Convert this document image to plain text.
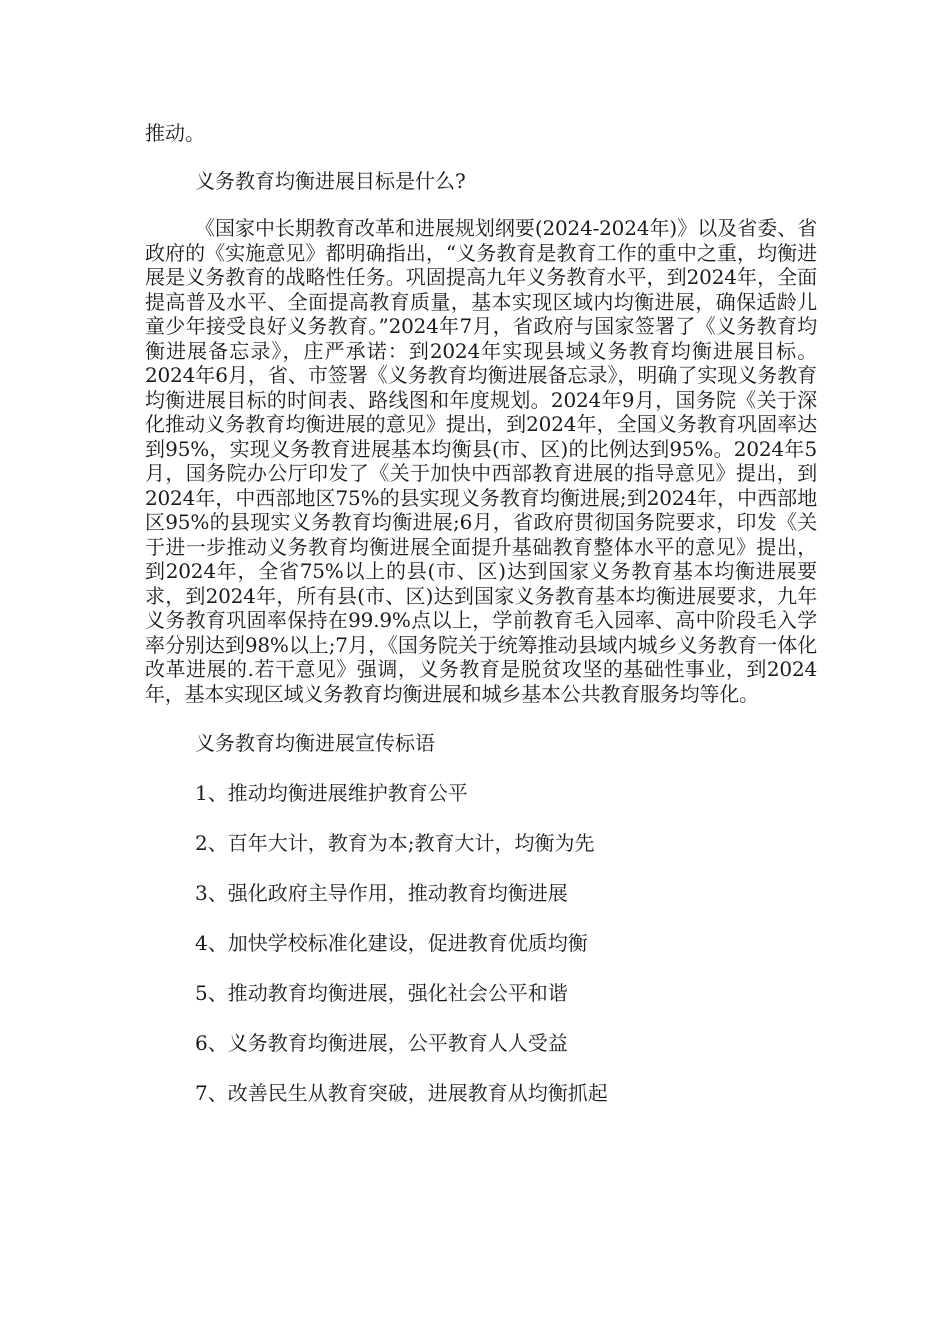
推动。
义务教育均衡进展目标是什么?

《国家中长期教育改革和进展规划纲要(2024-2024年)》以及省委、省政府的《实施意见》都明确指出，“义务教育是教育工作的重中之重，均衡进展是义务教育的战略性任务。巩固提高九年义务教育水平，到2024年，全面提高普及水平、全面提高教育质量，基本实现区域内均衡进展，确保适龄儿童少年接受良好义务教育。”2024年7月，省政府与国家签署了《义务教育均衡进展备忘录》，庄严承诺：到2024年实现县域义务教育均衡进展目标。2024年6月，省、市签署《义务教育均衡进展备忘录》，明确了实现义务教育均衡进展目标的时间表、路线图和年度规划。2024年9月，国务院《关于深化推动义务教育均衡进展的意见》提出，到2024年，全国义务教育巩固率达到95%，实现义务教育进展基本均衡县(市、区)的比例达到95%。2024年5月，国务院办公厅印发了《关于加快中西部教育进展的指导意见》提出，到2024年，中西部地区75%的县实现义务教育均衡进展;到2024年，中西部地区95%的县现实义务教育均衡进展;6月，省政府贯彻国务院要求，印发《关于进一步推动义务教育均衡进展全面提升基础教育整体水平的意见》提出，到2024年，全省75%以上的县(市、区)达到国家义务教育基本均衡进展要求，到2024年，所有县(市、区)达到国家义务教育基本均衡进展要求，九年义务教育巩固率保持在99.9%点以上，学前教育毛入园率、高中阶段毛入学率分别达到98%以上;7月，《国务院关于统筹推动县域内城乡义务教育一体化改革进展的.若干意见》强调，义务教育是脱贫攻坚的基础性事业，到2024年，基本实现区域义务教育均衡进展和城乡基本公共教育服务均等化。

义务教育均衡进展宣传标语
1、推动均衡进展维护教育公平
2、百年大计，教育为本;教育大计，均衡为先
3、强化政府主导作用，推动教育均衡进展
4、加快学校标准化建设，促进教育优质均衡
5、推动教育均衡进展，强化社会公平和谐
6、义务教育均衡进展，公平教育人人受益
7、改善民生从教育突破，进展教育从均衡抓起
